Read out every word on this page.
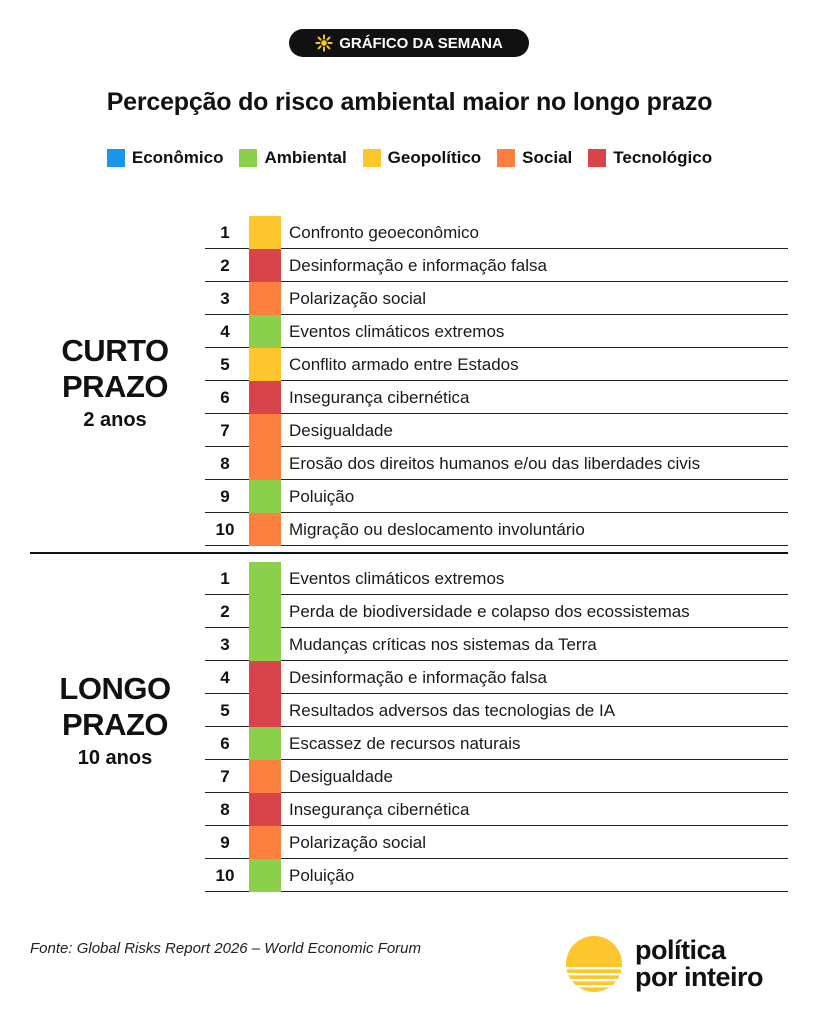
GRÁFICO DA SEMANA
Percepção do risco ambiental maior no longo prazo
Econômico Ambiental Geopolítico Social Tecnológico
CURTO PRAZO
2 anos
LONGO PRAZO
10 anos
1	Confronto geoeconômico
2	Desinformação e informação falsa
3	Polarização social
4	Eventos climáticos extremos
5	Conflito armado entre Estados
6	Insegurança cibernética
7	Desigualdade
8	Erosão dos direitos humanos e/ou das liberdades civis
9	Poluição
10	Migração ou deslocamento involuntário
1	Eventos climáticos extremos
2	Perda de biodiversidade e colapso dos ecossistemas
3	Mudanças críticas nos sistemas da Terra
4	Desinformação e informação falsa
5	Resultados adversos das tecnologias de IA
6	Escassez de recursos naturais
7	Desigualdade
8	Insegurança cibernética
9	Polarização social
10	Poluição
Fonte: Global Risks Report 2026 – World Economic Forum	política
por inteiro
